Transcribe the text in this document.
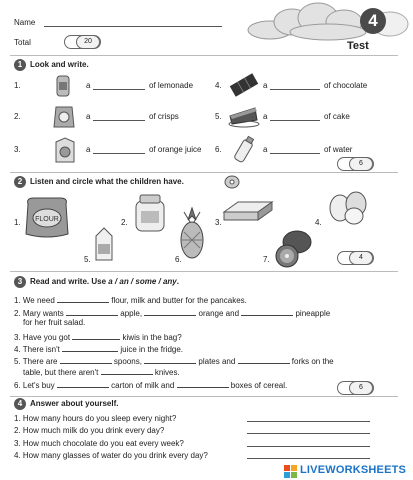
Name
Total	20
4
Test
1 Look and write.
1.	a	of lemonade
2.	a	of crisps
3.	a	of orange juice
4.	a	of chocolate
5.	a	of cake
6.	a	of water
6
2 Listen and circle what the children have.
1. FLOUR	2.	3.	4.
5.	6.	7.	4
3 Read and write. Use a / an / some / any.
1. We need	flour, milk and butter for the pancakes.
2. Mary wants	apple,	orange and	pineapple
for her fruit salad.
3. Have you got	kiwis in the bag?
4. There isn't	juice in the fridge.
5. There are	spoons,	plates and	forks on the
table, but there aren't	knives.
6. Let's buy	carton of milk and	boxes of cereal.	6
4 Answer about yourself.
1. How many hours do you sleep every night?
2. How much milk do you drink every day?
3. How much chocolate do you eat every week?
4. How many glasses of water do you drink every day?
LIVEWORKSHEETS
